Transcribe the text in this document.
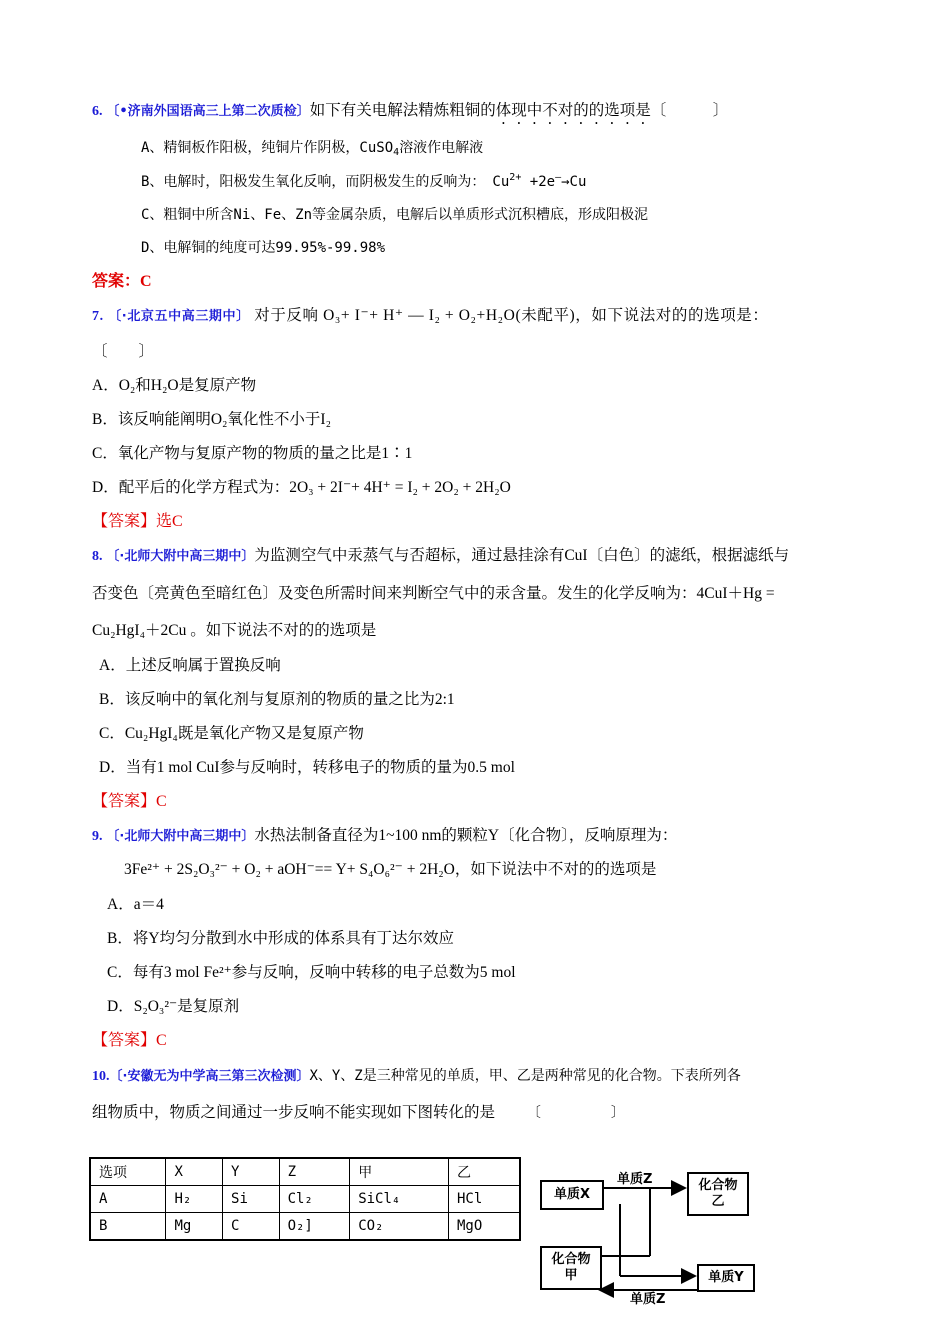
6. 〔•济南外国语高三上第二次质检〕如下有关电解法精炼粗铜的体现中不对的的选项是〔　　　〕
A、精铜板作阳极，纯铜片作阴极，CuSO$_4$溶液作电解液
B、电解时，阳极发生氧化反响，而阴极发生的反响为：　$Cu^{2+} +2e^—\to Cu$
C、粗铜中所含Ni、Fe、Zn等金属杂质，电解后以单质形式沉积槽底，形成阳极泥
D、电解铜的纯度可达99.95%-99.98%
答案：C
7. 〔·北京五中高三期中〕 对于反响 O₃+ I⁻+ H⁺ — I₂ + O₂+H₂O(未配平)，如下说法对的的选项是：
〔　　〕
A．O₂和H₂O是复原产物
B．该反响能阐明O₂氧化性不小于I₂
C．氧化产物与复原产物的物质的量之比是1∶1
D．配平后的化学方程式为：2O₃ + 2I⁻+ 4H⁺ = I₂ + 2O₂ + 2H₂O
【答案】选C
8. 〔·北师大附中高三期中〕为监测空气中汞蒸气与否超标，通过悬挂涂有CuI〔白色〕的滤纸，根据滤纸与
否变色〔亮黄色至暗红色〕及变色所需时间来判断空气中的汞含量。发生的化学反响为：4CuI＋Hg =
Cu₂HgI₄＋2Cu 。如下说法不对的的选项是
A．上述反响属于置换反响
B．该反响中的氧化剂与复原剂的物质的量之比为2:1
C．Cu₂HgI₄既是氧化产物又是复原产物
D．当有1 mol CuI参与反响时，转移电子的物质的量为0.5 mol
【答案】C
9. 〔·北师大附中高三期中〕水热法制备直径为1~100 nm的颗粒Y〔化合物〕，反响原理为：
3Fe²⁺ + 2S₂O₃²⁻ + O₂ + aOH⁻== Y+ S₄O₆²⁻ + 2H₂O，如下说法中不对的的选项是
A．a＝4
B．将Y均匀分散到水中形成的体系具有丁达尔效应
C．每有3 mol Fe²⁺参与反响，反响中转移的电子总数为5 mol
D．S₂O₃²⁻是复原剂
【答案】C
10.〔·安徽无为中学高三第三次检测〕X、Y、Z是三种常见的单质，甲、乙是两种常见的化合物。下表所列各
组物质中，物质之间通过一步反响不能实现如下图转化的是 〔　　　　　〕
选项	X	Y	Z	甲	乙
A	H₂	Si	Cl₂	SiCl₄	HCl
B	Mg	C	O₂]	CO₂	MgO
单质X
化合物
乙
化合物
甲	单质Y
单质Z
单质Z
